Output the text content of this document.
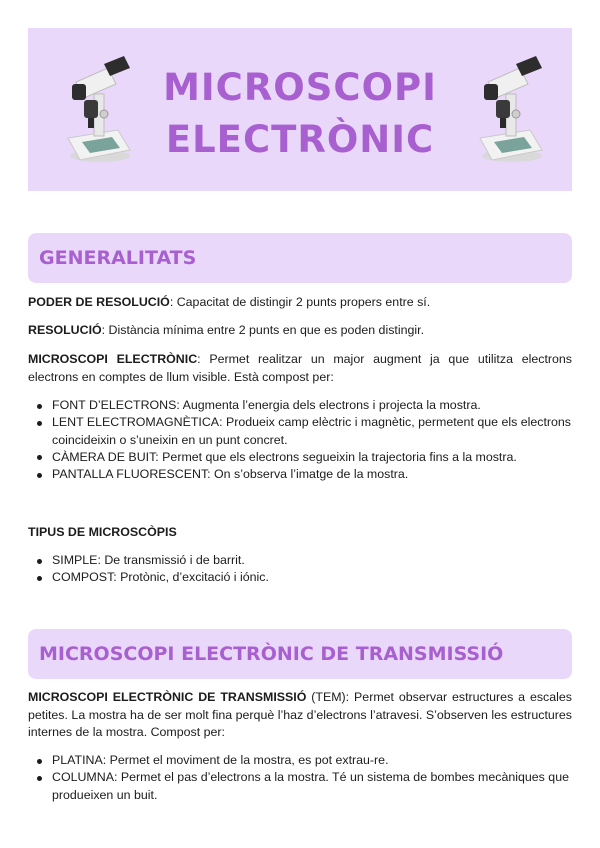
MICROSCOPI
ELECTRÒNIC
GENERALITATS

PODER DE RESOLUCIÓ: Capacitat de distingir 2 punts propers entre sí.

RESOLUCIÓ: Distància mínima entre 2 punts en que es poden distingir.

MICROSCOPI ELECTRÒNIC: Permet realitzar un major augment ja que utilitza electrons electrons en comptes de llum visible. Està compost per:

FONT D’ELECTRONS: Augmenta l’energia dels electrons i projecta la mostra.
LENT ELECTROMAGNÈTICA: Produeix camp elèctric i magnètic, permetent que els electrons coincideixin o s’uneixin en un punt concret.
CÀMERA DE BUIT: Permet que els electrons segueixin la trajectoria fins a la mostra.
PANTALLA FLUORESCENT: On s’observa l’imatge de la mostra.
TIPUS DE MICROSCÒPIS
SIMPLE: De transmissió i de barrit.
COMPOST: Protònic, d’excitació i iónic.
MICROSCOPI ELECTRÒNIC DE TRANSMISSIÓ

MICROSCOPI ELECTRÒNIC DE TRANSMISSIÓ (TEM): Permet observar estructures a escales petites. La mostra ha de ser molt fina perquè l’haz d’electrons l’atravesi. S’observen les estructures internes de la mostra. Compost per:

PLATINA: Permet el moviment de la mostra, es pot extrau-re.
COLUMNA: Permet el pas d’electrons a la mostra. Té un sistema de bombes mecàniques que produeixen un buit.
